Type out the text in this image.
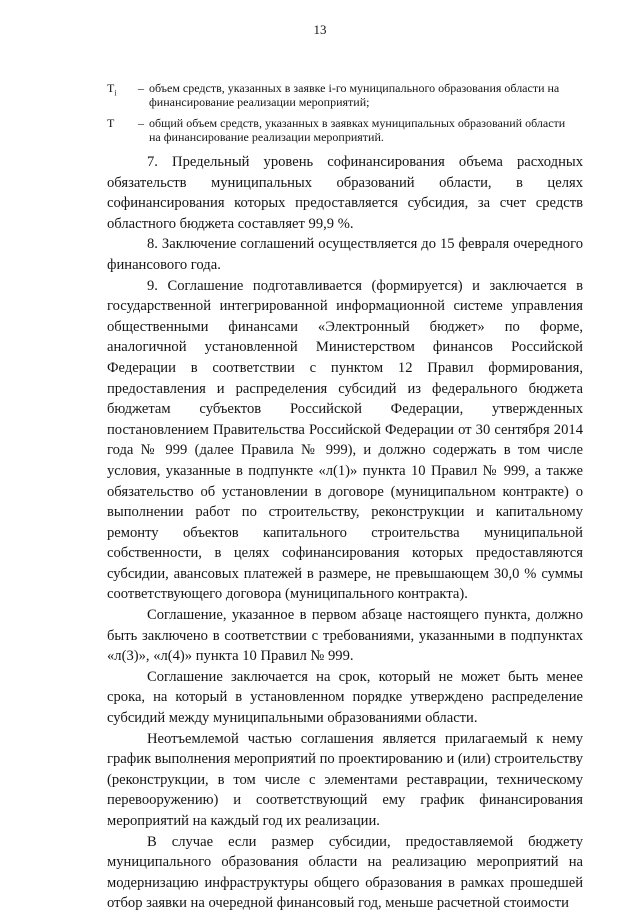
13
$T_i$	– объем средств, указанных в заявке i-го муниципального образования области на финансирование реализации мероприятий;
T	– общий объем средств, указанных в заявках муниципальных образований области на финансирование реализации мероприятий.

7. Предельный уровень софинансирования объема расходных обязательств муниципальных образований области, в целях софинансирования которых предоставляется субсидия, за счет средств областного бюджета составляет 99,9 %.

8. Заключение соглашений осуществляется до 15 февраля очередного финансового года.

9. Соглашение подготавливается (формируется) и заключается в государственной интегрированной информационной системе управления общественными финансами «Электронный бюджет» по форме, аналогичной установленной Министерством финансов Российской Федерации в соответствии с пунктом 12 Правил формирования, предоставления и распределения субсидий из федерального бюджета бюджетам субъектов Российской Федерации, утвержденных постановлением Правительства Российской Федерации от 30 сентября 2014 года № 999 (далее Правила № 999), и должно содержать в том числе условия, указанные в подпункте «л(1)» пункта 10 Правил № 999, а также обязательство об установлении в договоре (муниципальном контракте) о выполнении работ по строительству, реконструкции и капитальному ремонту объектов капитального строительства муниципальной собственности, в целях софинансирования которых предоставляются субсидии, авансовых платежей в размере, не превышающем 30,0 % суммы соответствующего договора (муниципального контракта).

Соглашение, указанное в первом абзаце настоящего пункта, должно быть заключено в соответствии с требованиями, указанными в подпунктах «л(3)», «л(4)» пункта 10 Правил № 999.

Соглашение заключается на срок, который не может быть менее срока, на который в установленном порядке утверждено распределение субсидий между муниципальными образованиями области.

Неотъемлемой частью соглашения является прилагаемый к нему график выполнения мероприятий по проектированию и (или) строительству (реконструкции, в том числе с элементами реставрации, техническому перевооружению) и соответствующий ему график финансирования мероприятий на каждый год их реализации.

В случае если размер субсидии, предоставляемой бюджету муниципального образования области на реализацию мероприятий на модернизацию инфраструктуры общего образования в рамках прошедшей отбор заявки на очередной финансовый год, меньше расчетной стоимости
